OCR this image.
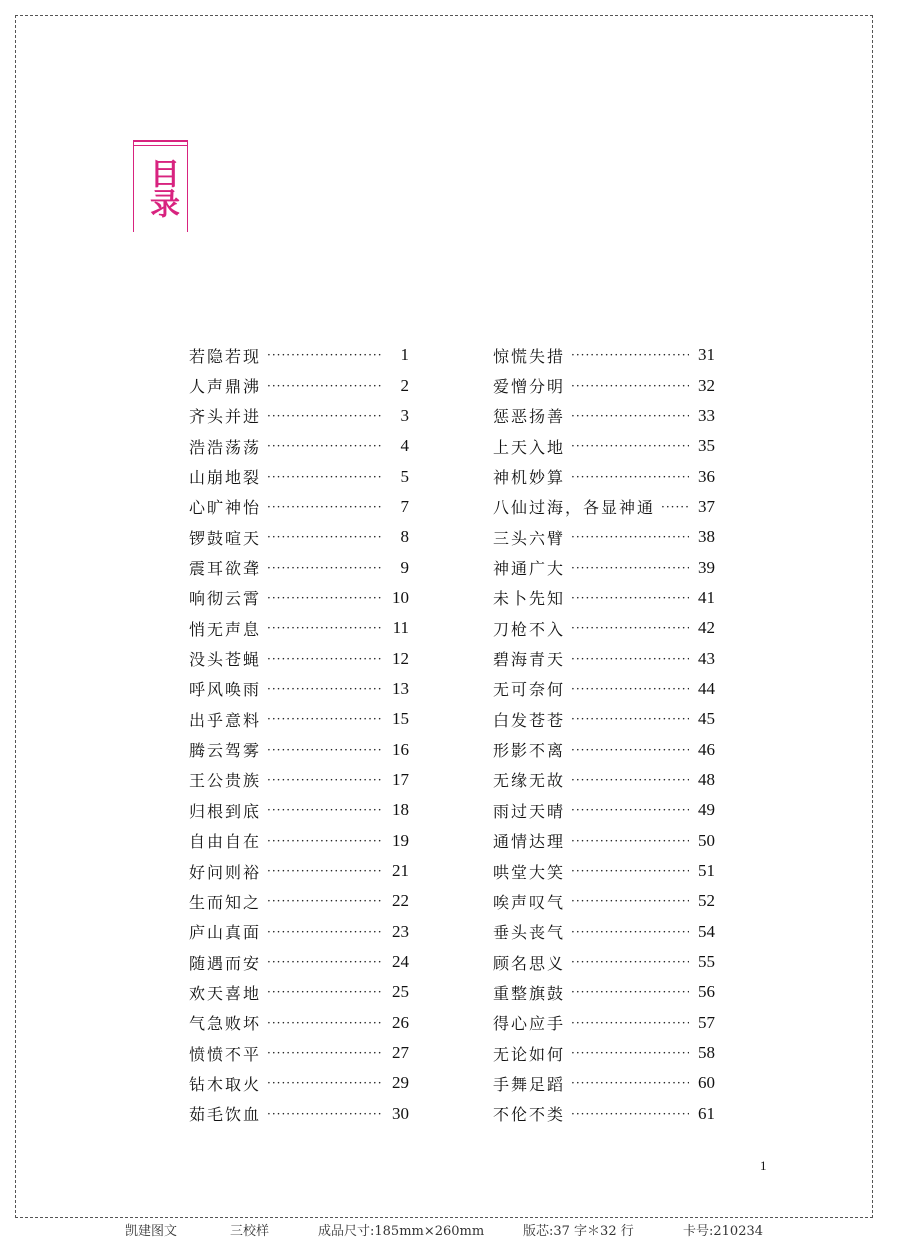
目录
若隐若现 ·····	1
人声鼎沸 ·····	2
齐头并进 ·····	3
浩浩荡荡 ·····	4
山崩地裂 ·····	5
心旷神怡 ·····	7
锣鼓喧天 ·····	8
震耳欲聋 ·····	9
响彻云霄 ·····	10
悄无声息 ·····	11
没头苍蝇 ·····	12
呼风唤雨 ·····	13
出乎意料 ·····	15
腾云驾雾 ·····	16
王公贵族 ·····	17
归根到底 ·····	18
自由自在 ·····	19
好问则裕 ·····	21
生而知之 ·····	22
庐山真面 ·····	23
随遇而安 ·····	24
欢天喜地 ·····	25
气急败坏 ·····	26
愤愤不平 ·····	27
钻木取火 ·····	29
茹毛饮血 ·····	30
惊慌失措 ·····	31
爱憎分明 ·····	32
惩恶扬善 ·····	33
上天入地 ·····	35
神机妙算 ·····	36
八仙过海，各显神通 ·····	37
三头六臂 ·····	38
神通广大 ·····	39
未卜先知 ·····	41
刀枪不入 ·····	42
碧海青天 ·····	43
无可奈何 ·····	44
白发苍苍 ·····	45
形影不离 ·····	46
无缘无故 ·····	48
雨过天晴 ·····	49
通情达理 ·····	50
哄堂大笑 ·····	51
唉声叹气 ·····	52
垂头丧气 ·····	54
顾名思义 ·····	55
重整旗鼓 ·····	56
得心应手 ·····	57
无论如何 ·····	58
手舞足蹈 ·····	60
不伦不类 ·····	61
1
凯建图文	三校样	成品尺寸:185mm×260mm	版芯:37 字＊32 行	卡号:210234
